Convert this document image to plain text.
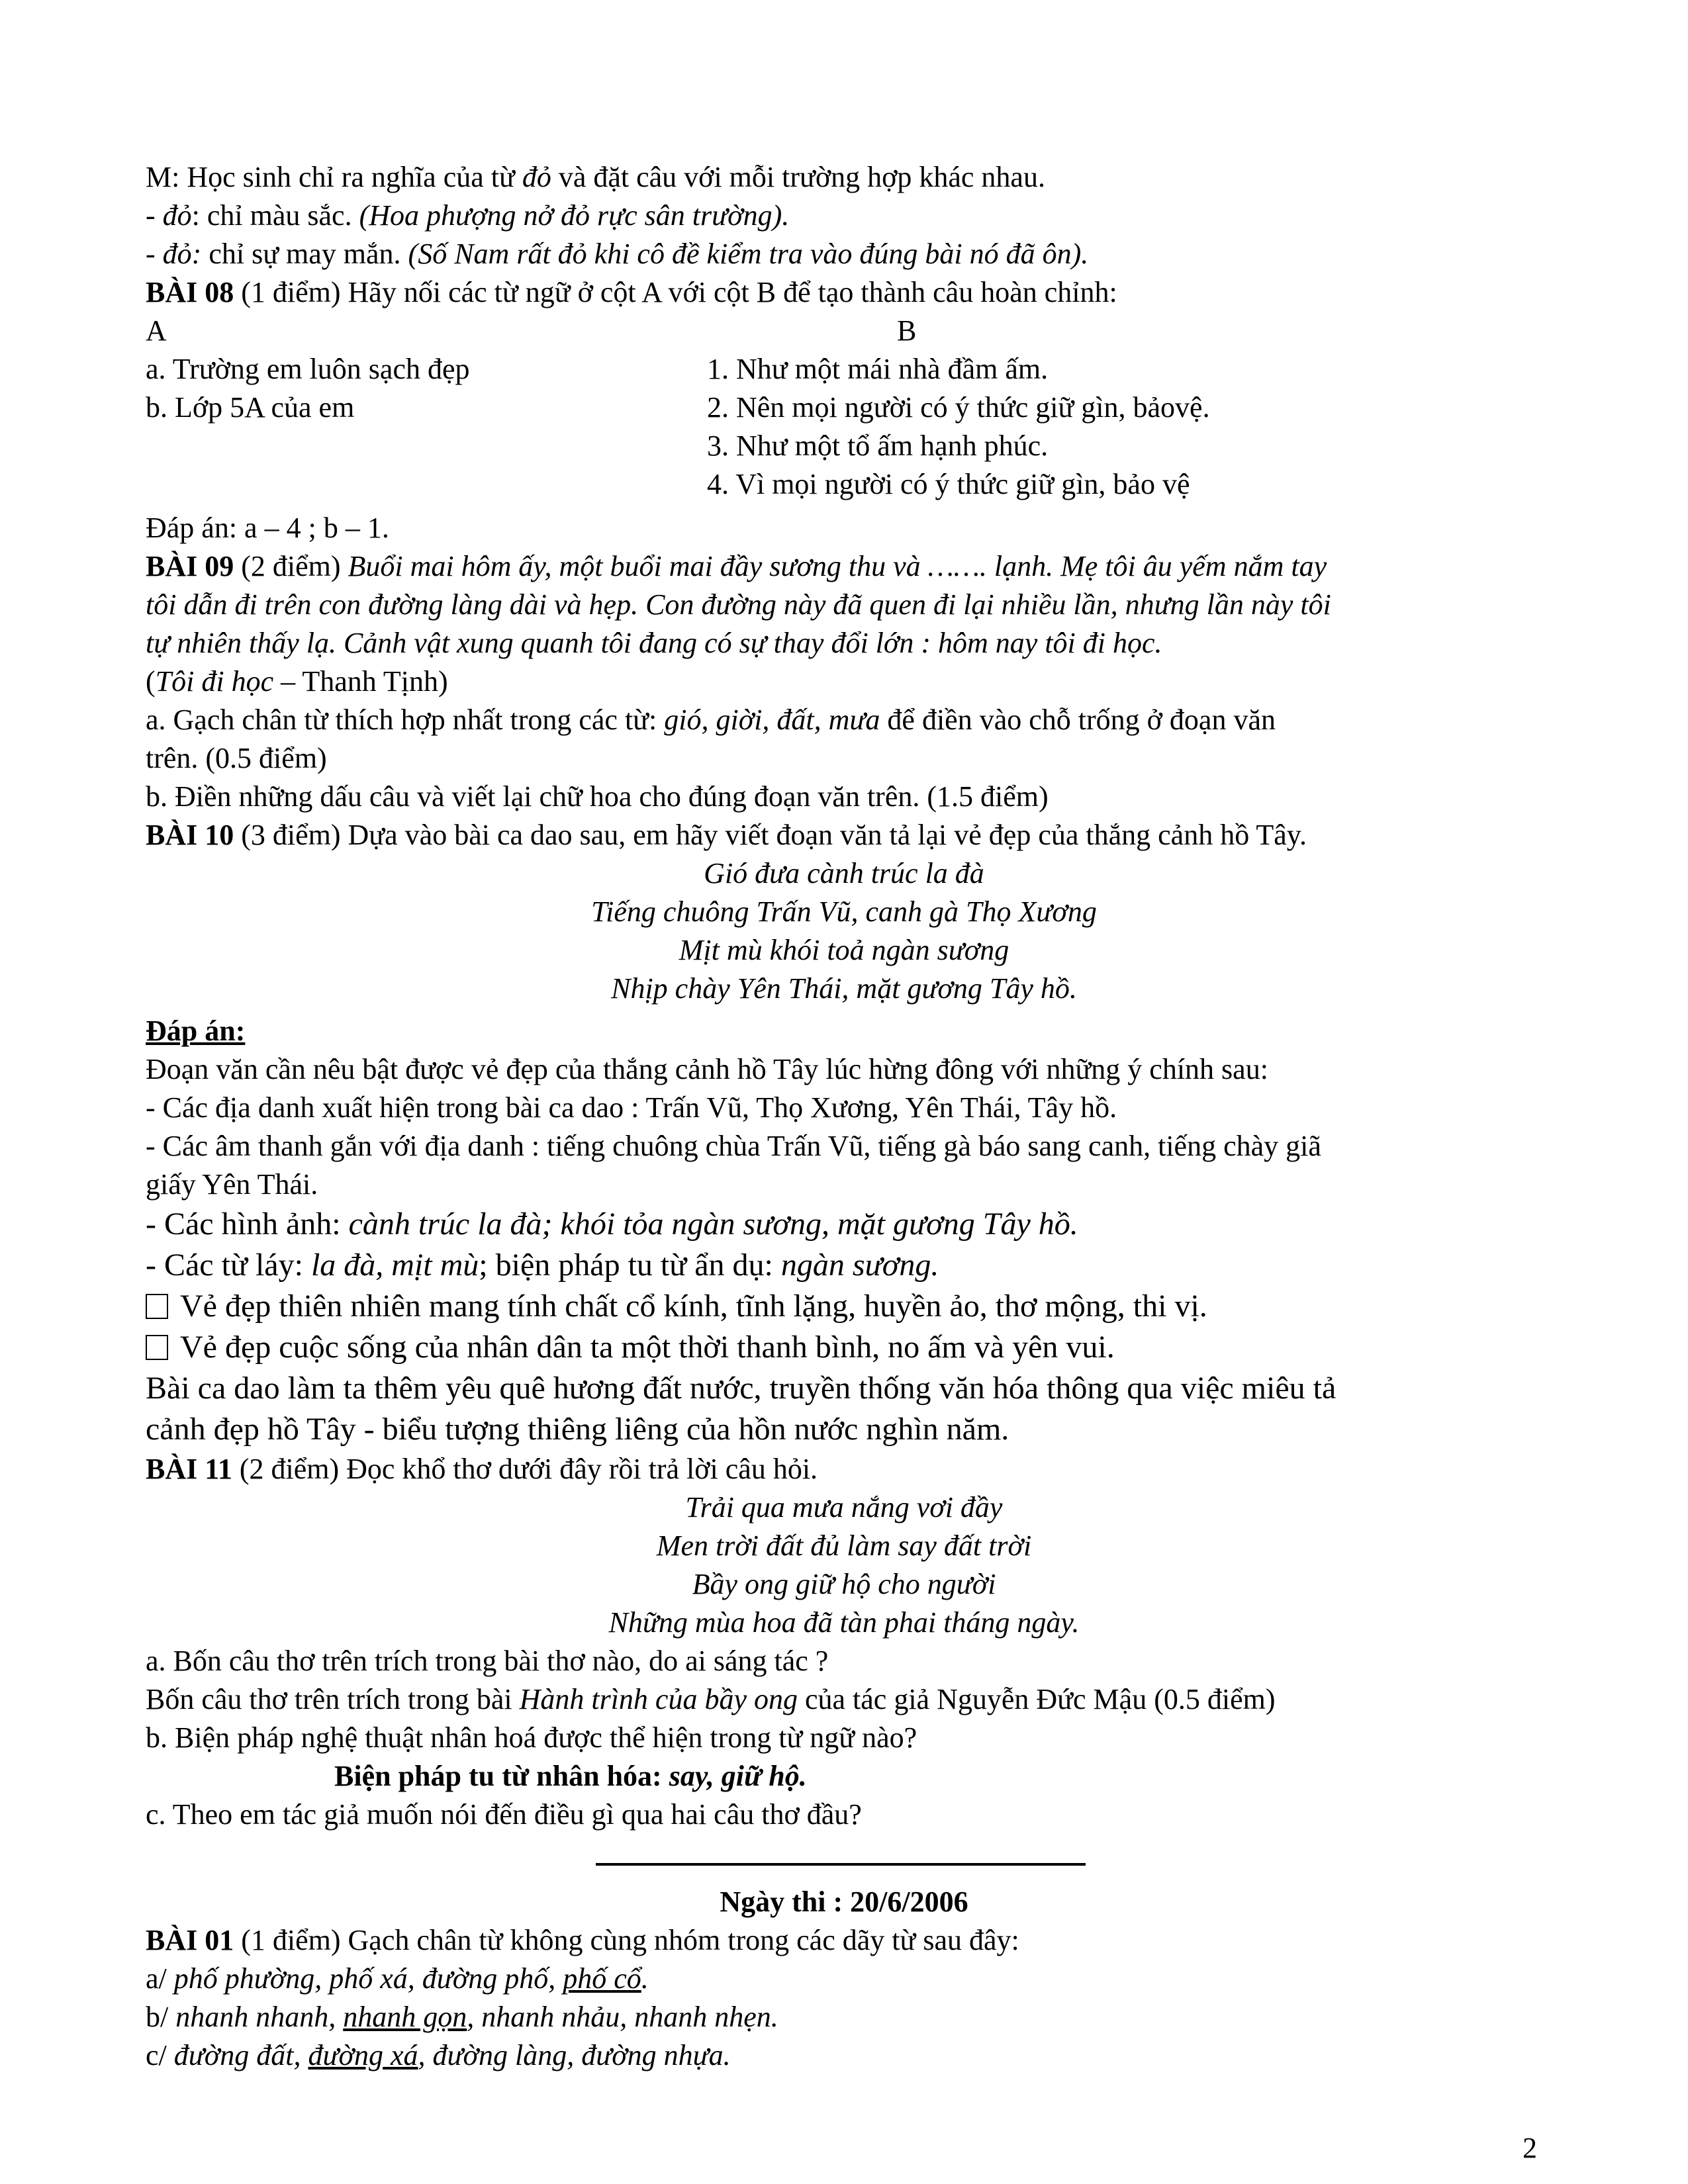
M: Học sinh chỉ ra nghĩa của từ đỏ và đặt câu với mỗi trường hợp khác nhau.
- đỏ: chỉ màu sắc. (Hoa phượng nở đỏ rực sân trường).
- đỏ: chỉ sự may mắn. (Số Nam rất đỏ khi cô đề kiểm tra vào đúng bài nó đã ôn).
BÀI 08 (1 điểm) Hãy nối các từ ngữ ở cột A với cột B để tạo thành câu hoàn chỉnh:
A	B
a. Trường em luôn sạch đẹp
b. Lớp 5A của em
1. Như một mái nhà đầm ấm.
2. Nên mọi người có ý thức giữ gìn, bảovệ.
3. Như một tổ ấm hạnh phúc.
4. Vì mọi người có ý thức giữ gìn, bảo vệ
Đáp án: a – 4 ; b – 1.
BÀI 09 (2 điểm) Buổi mai hôm ấy, một buổi mai đầy sương thu và ……. lạnh. Mẹ tôi âu yếm nắm tay
tôi dẫn đi trên con đường làng dài và hẹp. Con đường này đã quen đi lại nhiều lần, nhưng lần này tôi
tự nhiên thấy lạ. Cảnh vật xung quanh tôi đang có sự thay đổi lớn : hôm nay tôi đi học.
(Tôi đi học – Thanh Tịnh)
a. Gạch chân từ thích hợp nhất trong các từ: gió, giời, đất, mưa để điền vào chỗ trống ở đoạn văn
trên. (0.5 điểm)
b. Điền những dấu câu và viết lại chữ hoa cho đúng đoạn văn trên. (1.5 điểm)
BÀI 10 (3 điểm) Dựa vào bài ca dao sau, em hãy viết đoạn văn tả lại vẻ đẹp của thắng cảnh hồ Tây.
Gió đưa cành trúc la đà
Tiếng chuông Trấn Vũ, canh gà Thọ Xương
Mịt mù khói toả ngàn sương
Nhịp chày Yên Thái, mặt gương Tây hồ.
Đáp án:
Đoạn văn cần nêu bật được vẻ đẹp của thắng cảnh hồ Tây lúc hừng đông với những ý chính sau:
- Các địa danh xuất hiện trong bài ca dao : Trấn Vũ, Thọ Xương, Yên Thái, Tây hồ.
- Các âm thanh gắn với địa danh : tiếng chuông chùa Trấn Vũ, tiếng gà báo sang canh, tiếng chày giã
giấy Yên Thái.
- Các hình ảnh: cành trúc la đà; khói tỏa ngàn sương, mặt gương Tây hồ.
- Các từ láy: la đà, mịt mù; biện pháp tu từ ẩn dụ: ngàn sương.
Vẻ đẹp thiên nhiên mang tính chất cổ kính, tĩnh lặng, huyền ảo, thơ mộng, thi vị.
Vẻ đẹp cuộc sống của nhân dân ta một thời thanh bình, no ấm và yên vui.
Bài ca dao làm ta thêm yêu quê hương đất nước, truyền thống văn hóa thông qua việc miêu tả
cảnh đẹp hồ Tây - biểu tượng thiêng liêng của hồn nước nghìn năm.
BÀI 11 (2 điểm) Đọc khổ thơ dưới đây rồi trả lời câu hỏi.
Trải qua mưa nắng vơi đầy
Men trời đất đủ làm say đất trời
Bầy ong giữ hộ cho người
Những mùa hoa đã tàn phai tháng ngày.
a. Bốn câu thơ trên trích trong bài thơ nào, do ai sáng tác ?
Bốn câu thơ trên trích trong bài Hành trình của bầy ong của tác giả Nguyễn Đức Mậu (0.5 điểm)
b. Biện pháp nghệ thuật nhân hoá được thể hiện trong từ ngữ nào?
Biện pháp tu từ nhân hóa: say, giữ hộ.
c. Theo em tác giả muốn nói đến điều gì qua hai câu thơ đầu?
Ngày thi : 20/6/2006
BÀI 01 (1 điểm) Gạch chân từ không cùng nhóm trong các dãy từ sau đây:
a/ phố phường, phố xá, đường phố, phố cổ.
b/ nhanh nhanh, nhanh gọn, nhanh nhảu, nhanh nhẹn.
c/ đường đất, đường xá, đường làng, đường nhựa.
2
